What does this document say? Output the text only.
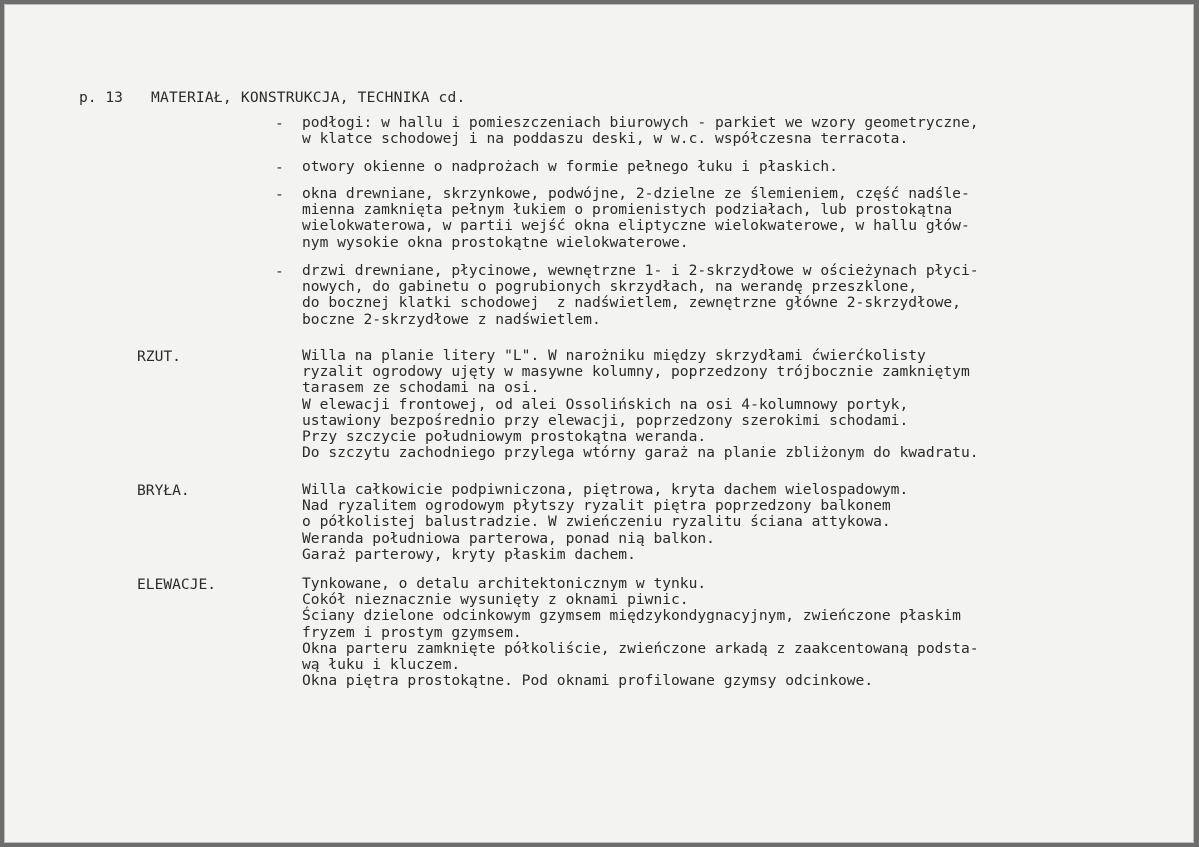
p. 13 MATERIAŁ, KONSTRUKCJA, TECHNIKA cd.
- podłogi: w hallu i pomieszczeniach biurowych - parkiet we wzory geometryczne,
w klatce schodowej i na poddaszu deski, w w.c. współczesna terracota.
- otwory okienne o nadprożach w formie pełnego łuku i płaskich.
- okna drewniane, skrzynkowe, podwójne, 2-dzielne ze ślemieniem, część nadśle-
mienna zamknięta pełnym łukiem o promienistych podziałach, lub prostokątna
wielokwaterowa, w partii wejść okna eliptyczne wielokwaterowe, w hallu głów-
nym wysokie okna prostokątne wielokwaterowe.
- drzwi drewniane, płycinowe, wewnętrzne 1- i 2-skrzydłowe w ościeżynach płyci-
nowych, do gabinetu o pogrubionych skrzydłach, na werandę przeszklone,
do bocznej klatki schodowej  z nadświetlem, zewnętrzne główne 2-skrzydłowe,
boczne 2-skrzydłowe z nadświetlem.
RZUT.	Willa na planie litery "L". W narożniku między skrzydłami ćwierćkolisty
ryzalit ogrodowy ujęty w masywne kolumny, poprzedzony trójbocznie zamkniętym
tarasem ze schodami na osi.
W elewacji frontowej, od alei Ossolińskich na osi 4-kolumnowy portyk,
ustawiony bezpośrednio przy elewacji, poprzedzony szerokimi schodami.
Przy szczycie południowym prostokątna weranda.
Do szczytu zachodniego przylega wtórny garaż na planie zbliżonym do kwadratu.
BRYŁA.	Willa całkowicie podpiwniczona, piętrowa, kryta dachem wielospadowym.
Nad ryzalitem ogrodowym płytszy ryzalit piętra poprzedzony balkonem
o półkolistej balustradzie. W zwieńczeniu ryzalitu ściana attykowa.
Weranda południowa parterowa, ponad nią balkon.
Garaż parterowy, kryty płaskim dachem.
ELEWACJE.	Tynkowane, o detalu architektonicznym w tynku.
Cokół nieznacznie wysunięty z oknami piwnic.
Ściany dzielone odcinkowym gzymsem międzykondygnacyjnym, zwieńczone płaskim
fryzem i prostym gzymsem.
Okna parteru zamknięte półkoliście, zwieńczone arkadą z zaakcentowaną podsta-
wą łuku i kluczem.
Okna piętra prostokątne. Pod oknami profilowane gzymsy odcinkowe.
